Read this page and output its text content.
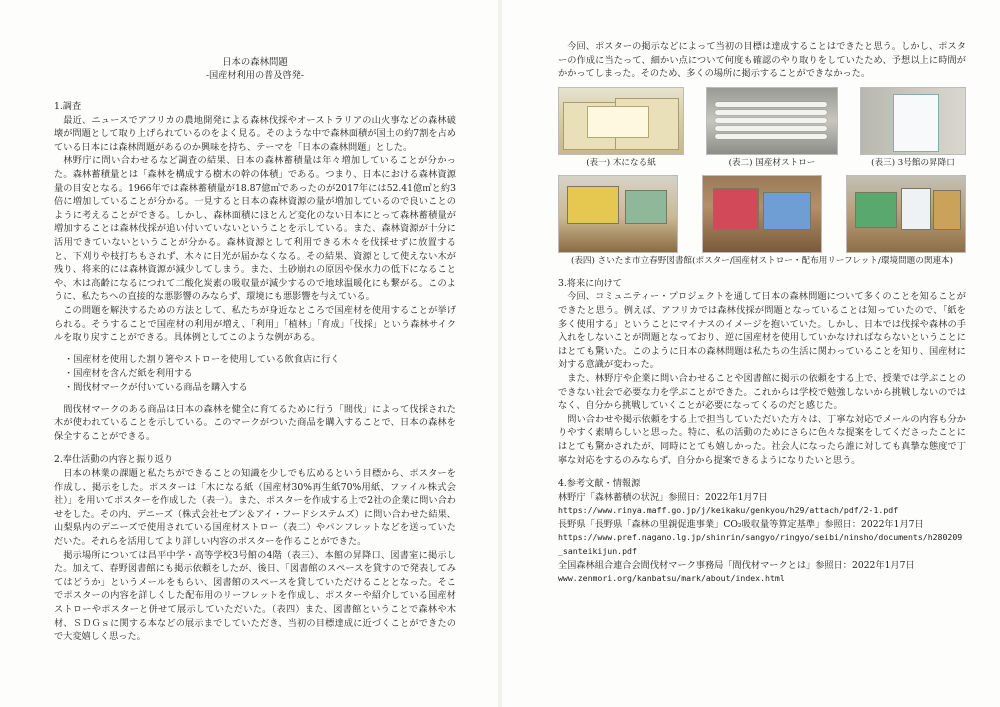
日本の森林問題
-国産材利用の普及啓発-
1.調査

最近、ニュースでアフリカの農地開発による森林伐採やオーストラリアの山火事などの森林破壊が問題として取り上げられているのをよく見る。そのような中で森林面積が国土の約7割を占めている日本には森林問題があるのか興味を持ち、テーマを「日本の森林問題」とした。

林野庁に問い合わせるなど調査の結果、日本の森林蓄積量は年々増加していることが分かった。森林蓄積量とは「森林を構成する樹木の幹の体積」である。つまり、日本における森林資源量の目安となる。1966年では森林蓄積量が18.87億㎥であったのが2017年には52.41億㎥と約3倍に増加していることが分かる。一見すると日本の森林資源の量が増加しているので良いことのように考えることができる。しかし、森林面積にほとんど変化のない日本にとって森林蓄積量が増加することは森林伐採が追い付いていないということを示している。また、森林資源が十分に活用できていないということが分かる。森林資源として利用できる木々を伐採せずに放置すると、下刈りや枝打ちもされず、木々に日光が届かなくなる。その結果、資源として使えない木が残り、将来的には森林資源が減少してしまう。また、土砂崩れの原因や保水力の低下になることや、木は高齢になるにつれて二酸化炭素の吸収量が減少するので地球温暖化にも繋がる。このように、私たちへの直接的な悪影響のみならず、環境にも悪影響を与えている。

この問題を解決するための方法として、私たちが身近なところで国産材を使用することが挙げられる。そうすることで国産材の利用が増え、「利用」「植林」「育成」「伐採」という森林サイクルを取り戻すことができる。具体例としてこのような例がある。

・ 国産材を使用した割り箸やストローを使用している飲食店に行く
・ 国産材を含んだ紙を利用する
・ 間伐材マークが付いている商品を購入する

間伐材マークのある商品は日本の森林を健全に育てるために行う「間伐」によって伐採された木が使われていることを示している。このマークがついた商品を購入することで、日本の森林を保全することができる。

2.奉仕活動の内容と振り返り

日本の林業の課題と私たちができることの知識を少しでも広めるという目標から、ポスターを作成し、掲示をした。ポスターは「木になる紙（国産材30%再生紙70%用紙、ファイル株式会社）」を用いてポスターを作成した（表一）。また、ポスターを作成する上で2社の企業に問い合わせをした。その内、デニーズ（株式会社セブン＆アイ・フードシステムズ）に問い合わせた結果、山梨県内のデニーズで使用されている国産材ストロー（表二）やパンフレットなどを送っていただいた。それらを活用してより詳しい内容のポスターを作ることができた。

掲示場所については昌平中学・高等学校3号館の4階（表三）、本館の昇降口、図書室に掲示した。加えて、春野図書館にも掲示依頼をしたが、後日、「図書館のスペースを貸すので発表してみてはどうか」というメールをもらい、図書館のスペースを貸していただけることとなった。そこでポスターの内容を詳しくした配布用のリーフレットを作成し、ポスターや紹介している国産材ストローやポスターと併せて展示していただいた。（表四）また、図書館ということで森林や木材、ＳＤＧｓに関する本などの展示までしていただき、当初の目標達成に近づくことができたので大変嬉しく思った。

今回、ポスターの掲示などによって当初の目標は達成することはできたと思う。しかし、ポスターの作成に当たって、細かい点について何度も確認のやり取りをしていたため、予想以上に時間がかかってしまった。そのため、多くの場所に掲示することができなかった。

(表一) 木になる紙	(表二) 国産材ストロー	(表三) 3号館の昇降口
(表四) さいたま市立春野図書館(ポスター/国産材ストロー・配布用リーフレット/環境問題の関連本)
3.将来に向けて

今回、コミュニティー・プロジェクトを通して日本の森林問題について多くのことを知ることができたと思う。例えば、アフリカでは森林伐採が問題となっていることは知っていたので、「紙を多く使用する」ということにマイナスのイメージを抱いていた。しかし、日本では伐採や森林の手入れをしないことが問題となっており、逆に国産材を使用していかなければならないということにはとても驚いた。このように日本の森林問題は私たちの生活に関わっていることを知り、国産材に対する意識が変わった。

また、林野庁や企業に問い合わせることや図書館に掲示の依頼をする上で、授業では学ぶことのできない社会で必要な力を学ぶことができた。これからは学校で勉強しないから挑戦しないのではなく、自分から挑戦していくことが必要になってくるのだと感じた。

問い合わせや掲示依頼をする上で担当していただいた方々は、丁寧な対応でメールの内容も分かりやすく素晴らしいと思った。特に、私の活動のためにさらに色々な提案をしてくださったことにはとても驚かされたが、同時にとても嬉しかった。社会人になったら誰に対しても真摯な態度で丁寧な対応をするのみならず、自分から提案できるようになりたいと思う。

4.参考文献・情報源

林野庁「森林蓄積の状況」参照日：2022年1月7日

https://www.rinya.maff.go.jp/j/keikaku/genkyou/h29/attach/pdf/2-1.pdf

長野県「長野県「森林の里親促進事業」CO₂吸収量等算定基準」参照日：2022年1月7日

https://www.pref.nagano.lg.jp/shinrin/sangyo/ringyo/seibi/ninsho/documents/h280209_santeikijun.pdf

全国森林組合連合会間伐材マーク事務局「間伐材マークとは」参照日：2022年1月7日

www.zenmori.org/kanbatsu/mark/about/index.html
